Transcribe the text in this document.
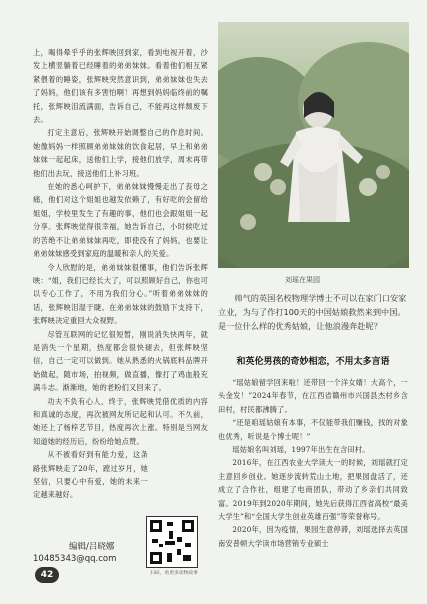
上，喝得晕乎乎的张辉映回到家，看到电视开着，沙发上横竖躺着已经睡着的弟弟妹妹。看着他们相互紧紧偎着的睡姿，张辉映突然意识到，弟弟妹妹也失去了妈妈，他们该有多害怕啊！再想到妈妈临终前的嘱托，张辉映泪流满面，告诉自己，不能再这样颓废下去。

打定主意后，张辉映开始调整自己的作息时间。她像妈妈一样照顾弟弟妹妹的饮食起居，早上和弟弟妹妹一起起床，送他们上学，接他们放学，周末再带他们出去玩，接送他们上补习班。

在她的悉心呵护下，弟弟妹妹慢慢走出了丧母之痛，他们对这个姐姐也越发依赖了，有好吃的会留给姐姐，学校里发生了有趣的事，他们也会跟姐姐一起分享。张辉映觉得很幸福，她告诉自己，小时候吃过的苦绝不让弟弟妹妹再吃，即使没有了妈妈，也要让弟弟妹妹感受到家庭的温暖和亲人的关爱。

令人欣慰的是，弟弟妹妹很懂事，他们告诉张辉映：“姐，我们已经长大了，可以照顾好自己，你也可以专心工作了，不用为我们分心。”听着弟弟妹妹的话，张辉映泪湿于睫。在弟弟妹妹的鼓励下支持下，张辉映决定重回大众视野。

尽管互联网的记忆很短暂，刚说消失快两年，就是消失一个星期，热度都会很快褪去，但张辉映坚信，自己一定可以做到。她从熟悉的火锅底料品牌开始做起，随市场，拍视频，做直播，像打了鸡血般充满斗志。渐渐地，她的老粉们又回来了。

功夫不负有心人，终于，张辉映凭借优质的内容和真诚的态度，再次被网友所记起和认可。不久前，她还上了杨梓艺节目，热度再次上涨。特别是当网友知道她的经历后，纷纷给她点赞。

从不被看好到有能力爱，这条路张辉映走了20年，蹚过岁月，她坚信，只要心中有爱，她的未来一定越来越好。

编辑/吕晓娜
10485343@qq.com
扫码，看更多动物故事
刘瑶在果园
帅气的英国名校物理学博士不可以在家门口安家立业，为与了作打100天的中国姑娘救然来到中国。是一位什么样的优秀姑娘，让他浪漫奔赴呢？
和英伦男孩的奇妙相恋，不用太多言语

“瑶姑娘留学回来啦！还带回一个洋女婿！大高个，一头金发！”2024年春节，在江西省赣州市兴国县杰村乡含田村，村民都沸腾了。

“还是咱瑶姑娘有本事，不仅能带我们赚钱，找的对象也优秀，听说是个博士呢！”

瑶姑娘名叫刘瑶，1997年出生在含田村。

2016年，在江西农业大学读大一的时候，刘瑶就打定主意回乡创业。她逐步流转荒山土地，把果园盘活了，还成立了合作社，组建了电商团队，带动了乡亲们共同致富。2019年到2020年期间，她先后获得江西省高校“最美大学生”和“全国大学生创业英雄百强”等荣誉称号。

2020年，因为疫情，果园生意停滞，刘瑶选择去英国南安普顿大学读市场营销专业硕士

42
